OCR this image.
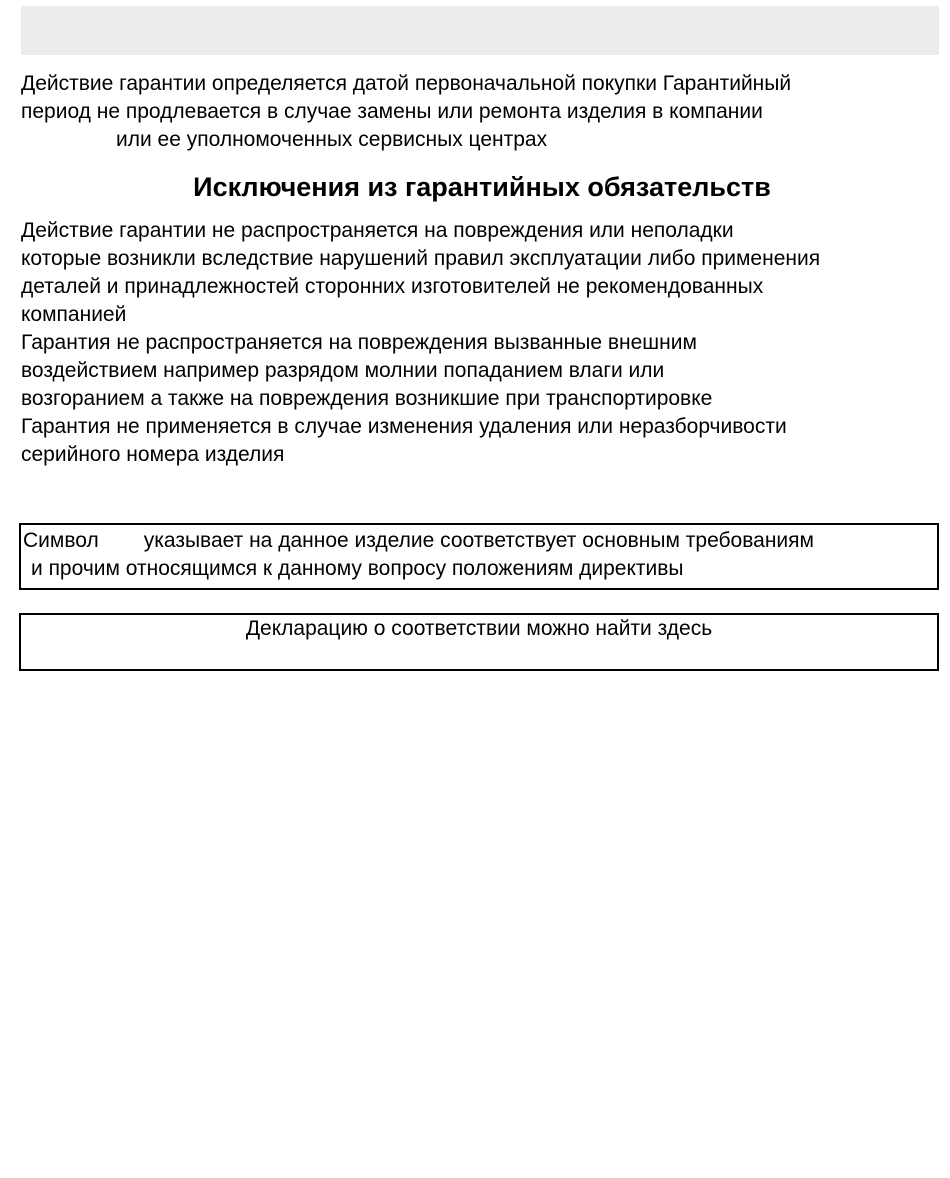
Действие гарантии определяется датой первоначальной покупки Гарантийный
период не продлевается в случае замены или ремонта изделия в компании
или ее уполномоченных сервисных центрах
Исключения из гарантийных обязательств
Действие гарантии не распространяется на повреждения или неполадки
которые возникли вследствие нарушений правил эксплуатации либо применения
деталей и принадлежностей сторонних изготовителей не рекомендованных
компанией
Гарантия не распространяется на повреждения вызванные внешним
воздействием например разрядом молнии попаданием влаги или
возгоранием а также на повреждения возникшие при транспортировке
Гарантия не применяется в случае изменения удаления или неразборчивости
серийного номера изделия
Символ указывает на данное изделие соответствует основным требованиям
и прочим относящимся к данному вопросу положениям директивы
Декларацию о соответствии можно найти здесь
